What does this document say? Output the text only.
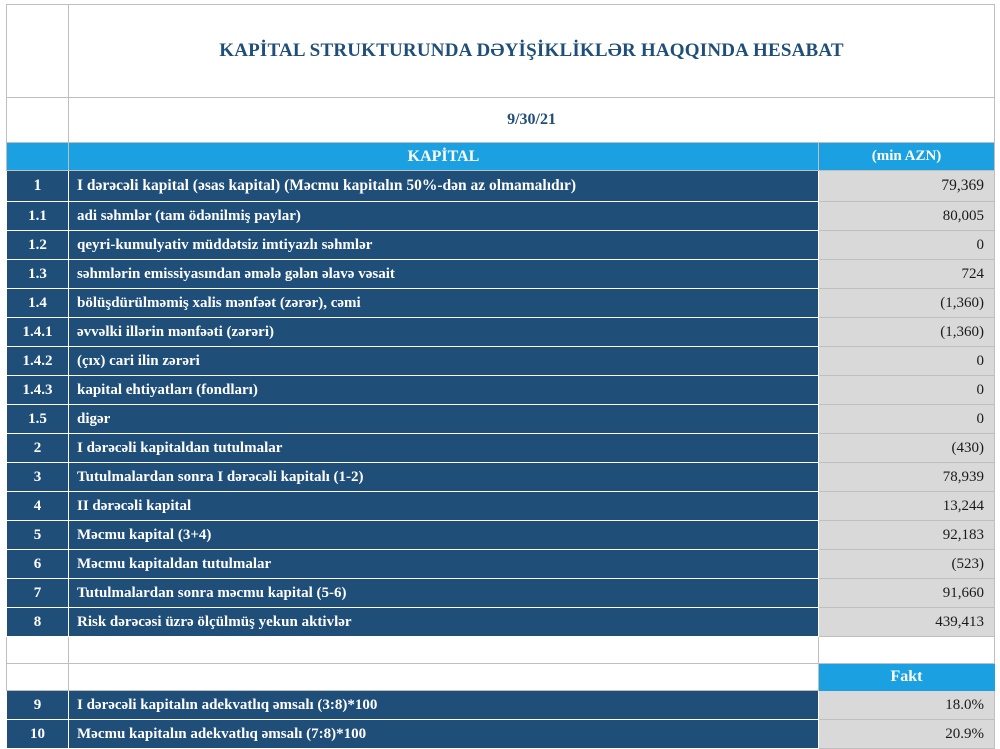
	KAPİTAL STRUKTURUNDA DƏYİŞİKLİKLƏR HAQQINDA HESABAT	
	9/30/21	
	KAPİTAL	(min AZN)
1	I dərəcəli kapital (əsas kapital) (Məcmu kapitalın 50%-dən az olmamalıdır)	79,369
1.1	adi səhmlər (tam ödənilmiş paylar)	80,005
1.2	qeyri-kumulyativ müddətsiz imtiyazlı səhmlər	0
1.3	səhmlərin emissiyasından əmələ gələn əlavə vəsait	724
1.4	bölüşdürülməmiş xalis mənfəət (zərər), cəmi	(1,360)
1.4.1	əvvəlki illərin mənfəəti (zərəri)	(1,360)
1.4.2	(çıx) cari ilin zərəri	0
1.4.3	kapital ehtiyatları (fondları)	0
1.5	digər	0
2	I dərəcəli kapitaldan tutulmalar	(430)
3	Tutulmalardan sonra I dərəcəli kapitalı (1-2)	78,939
4	II dərəcəli kapital	13,244
5	Məcmu kapital (3+4)	92,183
6	Məcmu kapitaldan tutulmalar	(523)
7	Tutulmalardan sonra məcmu kapital (5-6)	91,660
8	Risk dərəcəsi üzrə ölçülmüş yekun aktivlər	439,413

		Fakt
9	I dərəcəli kapitalın adekvatlıq əmsalı (3:8)*100	18.0%
10	Məcmu kapitalın adekvatlıq əmsalı (7:8)*100	20.9%
